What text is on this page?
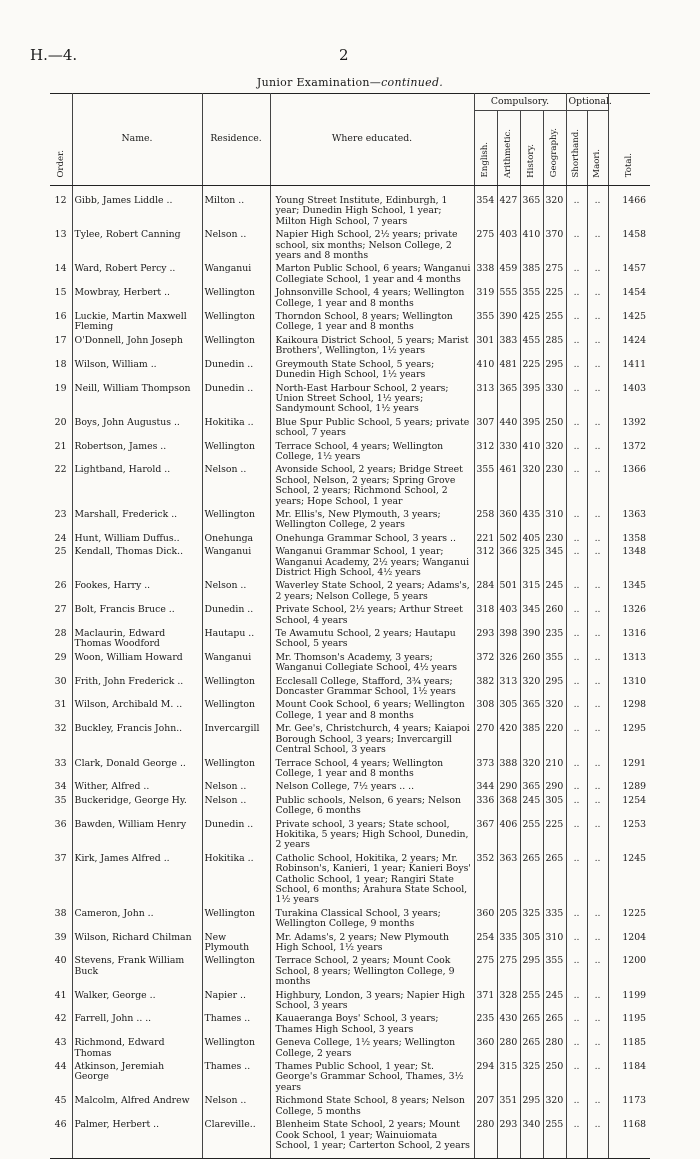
H.—4.	2
Junior Examination—continued.
Order.	Name.	Residence.	Where educated.	Compulsory.				Optional.		Total.
				English.	Arithmetic.	History.	Geography.	Shorthand.	Maori.	

12	Gibb, James Liddle ..	Milton ..	Young Street Institute, Edinburgh, 1 year; Dunedin High School, 1 year; Milton High School, 7 years	354	427	365	320	..	..	1466
13	Tylee, Robert Canning	Nelson ..	Napier High School, 2½ years; private school, six months; Nelson College, 2 years and 8 months	275	403	410	370	..	..	1458
14	Ward, Robert Percy ..	Wanganui	Marton Public School, 6 years; Wanganui Collegiate School, 1 year and 4 months	338	459	385	275	..	..	1457
15	Mowbray, Herbert ..	Wellington	Johnsonville School, 4 years; Wellington College, 1 year and 8 months	319	555	355	225	..	..	1454
16	Luckie, Martin Maxwell Fleming	Wellington	Thorndon School, 8 years; Wellington College, 1 year and 8 months	355	390	425	255	..	..	1425
17	O'Donnell, John Joseph	Wellington	Kaikoura District School, 5 years; Marist Brothers', Wellington, 1½ years	301	383	455	285	..	..	1424
18	Wilson, William ..	Dunedin ..	Greymouth State School, 5 years; Dunedin High School, 1½ years	410	481	225	295	..	..	1411
19	Neill, William Thompson	Dunedin ..	North-East Harbour School, 2 years; Union Street School, 1½ years; Sandymount School, 1½ years	313	365	395	330	..	..	1403
20	Boys, John Augustus ..	Hokitika ..	Blue Spur Public School, 5 years; private school, 7 years	307	440	395	250	..	..	1392
21	Robertson, James ..	Wellington	Terrace School, 4 years; Wellington College, 1½ years	312	330	410	320	..	..	1372
22	Lightband, Harold ..	Nelson ..	Avonside School, 2 years; Bridge Street School, Nelson, 2 years; Spring Grove School, 2 years; Richmond School, 2 years; Hope School, 1 year	355	461	320	230	..	..	1366
23	Marshall, Frederick ..	Wellington	Mr. Ellis's, New Plymouth, 3 years; Wellington College, 2 years	258	360	435	310	..	..	1363
24	Hunt, William Duffus..	Onehunga	Onehunga Grammar School, 3 years ..	221	502	405	230	..	..	1358
25	Kendall, Thomas Dick..	Wanganui	Wanganui Grammar School, 1 year; Wanganui Academy, 2½ years; Wanganui District High School, 4½ years	312	366	325	345	..	..	1348
26	Fookes, Harry ..	Nelson ..	Waverley State School, 2 years; Adams's, 2 years; Nelson College, 5 years	284	501	315	245	..	..	1345
27	Bolt, Francis Bruce ..	Dunedin ..	Private School, 2½ years; Arthur Street School, 4 years	318	403	345	260	..	..	1326
28	Maclaurin, Edward Thomas Woodford	Hautapu ..	Te Awamutu School, 2 years; Hautapu School, 5 years	293	398	390	235	..	..	1316
29	Woon, William Howard	Wanganui	Mr. Thomson's Academy, 3 years; Wanganui Collegiate School, 4½ years	372	326	260	355	..	..	1313
30	Frith, John Frederick ..	Wellington	Ecclesall College, Stafford, 3¾ years; Doncaster Grammar School, 1½ years	382	313	320	295	..	..	1310
31	Wilson, Archibald M. ..	Wellington	Mount Cook School, 6 years; Wellington College, 1 year and 8 months	308	305	365	320	..	..	1298
32	Buckley, Francis John..	Invercargill	Mr. Gee's, Christchurch, 4 years; Kaiapoi Borough School, 3 years; Invercargill Central School, 3 years	270	420	385	220	..	..	1295
33	Clark, Donald George ..	Wellington	Terrace School, 4 years; Wellington College, 1 year and 8 months	373	388	320	210	..	..	1291
34	Wither, Alfred ..	Nelson ..	Nelson College, 7½ years .. ..	344	290	365	290	..	..	1289
35	Buckeridge, George Hy.	Nelson ..	Public schools, Nelson, 6 years; Nelson College, 6 months	336	368	245	305	..	..	1254
36	Bawden, William Henry	Dunedin ..	Private school, 3 years; State school, Hokitika, 5 years; High School, Dunedin, 2 years	367	406	255	225	..	..	1253
37	Kirk, James Alfred ..	Hokitika ..	Catholic School, Hokitika, 2 years; Mr. Robinson's, Kanieri, 1 year; Kanieri Boys' Catholic School, 1 year; Rangiri State School, 6 months; Arahura State School, 1½ years	352	363	265	265	..	..	1245
38	Cameron, John ..	Wellington	Turakina Classical School, 3 years; Wellington College, 9 months	360	205	325	335	..	..	1225
39	Wilson, Richard Chilman	New Plymouth	Mr. Adams's, 2 years; New Plymouth High School, 1½ years	254	335	305	310	..	..	1204
40	Stevens, Frank William Buck	Wellington	Terrace School, 2 years; Mount Cook School, 8 years; Wellington College, 9 months	275	275	295	355	..	..	1200
41	Walker, George ..	Napier ..	Highbury, London, 3 years; Napier High School, 3 years	371	328	255	245	..	..	1199
42	Farrell, John .. ..	Thames ..	Kauaeranga Boys' School, 3 years; Thames High School, 3 years	235	430	265	265	..	..	1195
43	Richmond, Edward Thomas	Wellington	Geneva College, 1½ years; Wellington College, 2 years	360	280	265	280	..	..	1185
44	Atkinson, Jeremiah George	Thames ..	Thames Public School, 1 year; St. George's Grammar School, Thames, 3½ years	294	315	325	250	..	..	1184
45	Malcolm, Alfred Andrew	Nelson ..	Richmond State School, 8 years; Nelson College, 5 months	207	351	295	320	..	..	1173
46	Palmer, Herbert ..	Clareville..	Blenheim State School, 2 years; Mount Cook School, 1 year; Wainuiomata School, 1 year; Carterton School, 2 years	280	293	340	255	..	..	1168
